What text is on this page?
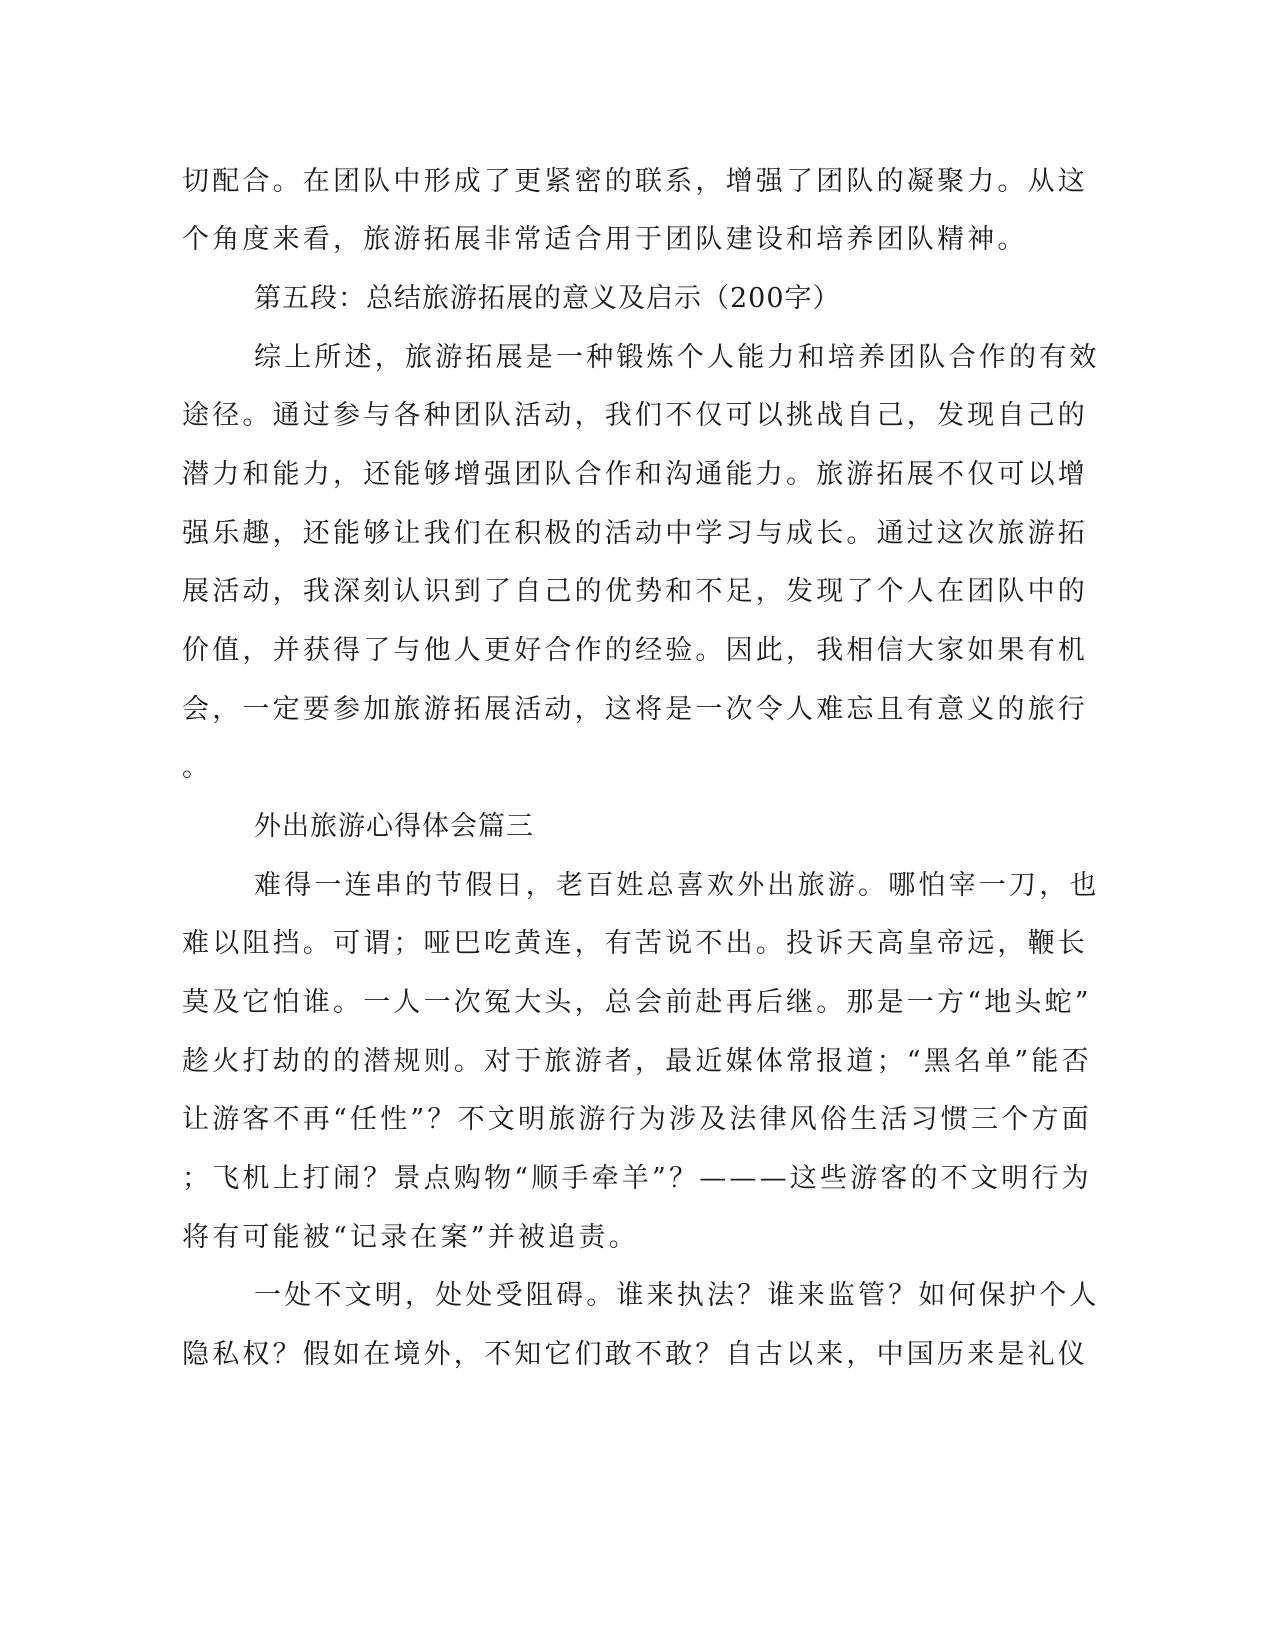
切配合。在团队中形成了更紧密的联系，增强了团队的凝聚力。从这
个角度来看，旅游拓展非常适合用于团队建设和培养团队精神。
第五段：总结旅游拓展的意义及启示（200字）
综上所述，旅游拓展是一种锻炼个人能力和培养团队合作的有效
途径。通过参与各种团队活动，我们不仅可以挑战自己，发现自己的
潜力和能力，还能够增强团队合作和沟通能力。旅游拓展不仅可以增
强乐趣，还能够让我们在积极的活动中学习与成长。通过这次旅游拓
展活动，我深刻认识到了自己的优势和不足，发现了个人在团队中的
价值，并获得了与他人更好合作的经验。因此，我相信大家如果有机
会，一定要参加旅游拓展活动，这将是一次令人难忘且有意义的旅行
。
外出旅游心得体会篇三
难得一连串的节假日，老百姓总喜欢外出旅游。哪怕宰一刀，也
难以阻挡。可谓；哑巴吃黄连，有苦说不出。投诉天高皇帝远，鞭长
莫及它怕谁。一人一次冤大头，总会前赴再后继。那是一方“地头蛇”
趁火打劫的的潜规则。对于旅游者，最近媒体常报道；“黑名单”能否
让游客不再“任性”？不文明旅游行为涉及法律风俗生活习惯三个方面
；飞机上打闹？景点购物“顺手牵羊”？———这些游客的不文明行为
将有可能被“记录在案”并被追责。
一处不文明，处处受阻碍。谁来执法？谁来监管？如何保护个人
隐私权？假如在境外，不知它们敢不敢？自古以来，中国历来是礼仪
